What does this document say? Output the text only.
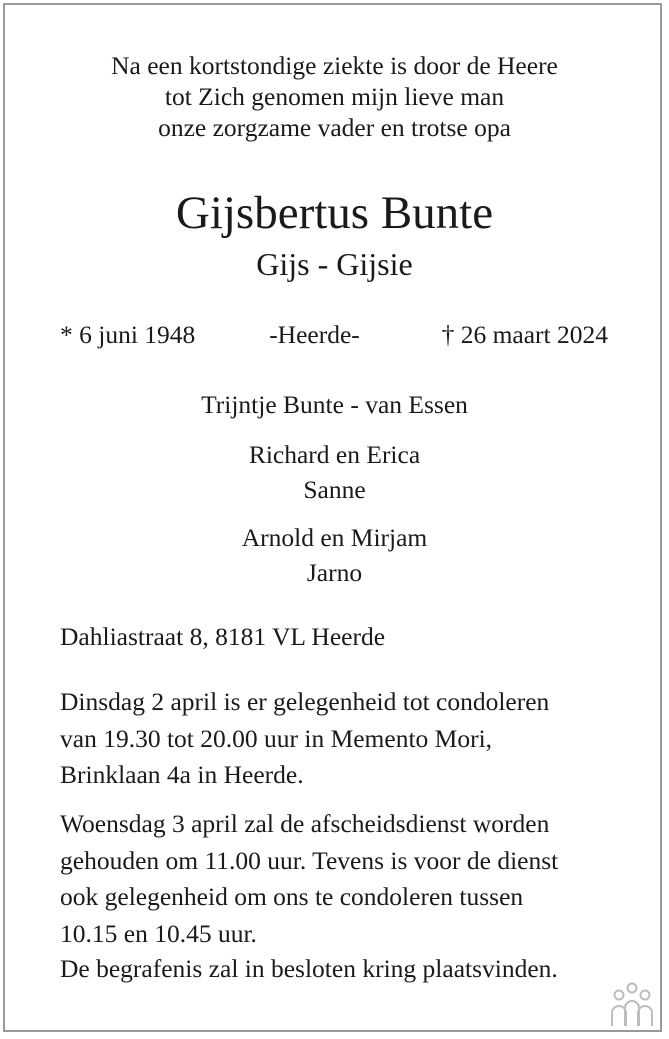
Na een kortstondige ziekte is door de Heere
tot Zich genomen mijn lieve man
onze zorgzame vader en trotse opa
Gijsbertus Bunte
Gijs - Gijsie
* 6 juni 1948	-Heerde-	† 26 maart 2024
Trijntje Bunte - van Essen
Richard en Erica
Sanne
Arnold en Mirjam
Jarno
Dahliastraat 8, 8181 VL Heerde
Dinsdag 2 april is er gelegenheid tot condoleren
van 19.30 tot 20.00 uur in Memento Mori,
Brinklaan 4a in Heerde.
Woensdag 3 april zal de afscheidsdienst worden
gehouden om 11.00 uur. Tevens is voor de dienst
ook gelegenheid om ons te condoleren tussen
10.15 en 10.45 uur.
De begrafenis zal in besloten kring plaatsvinden.
